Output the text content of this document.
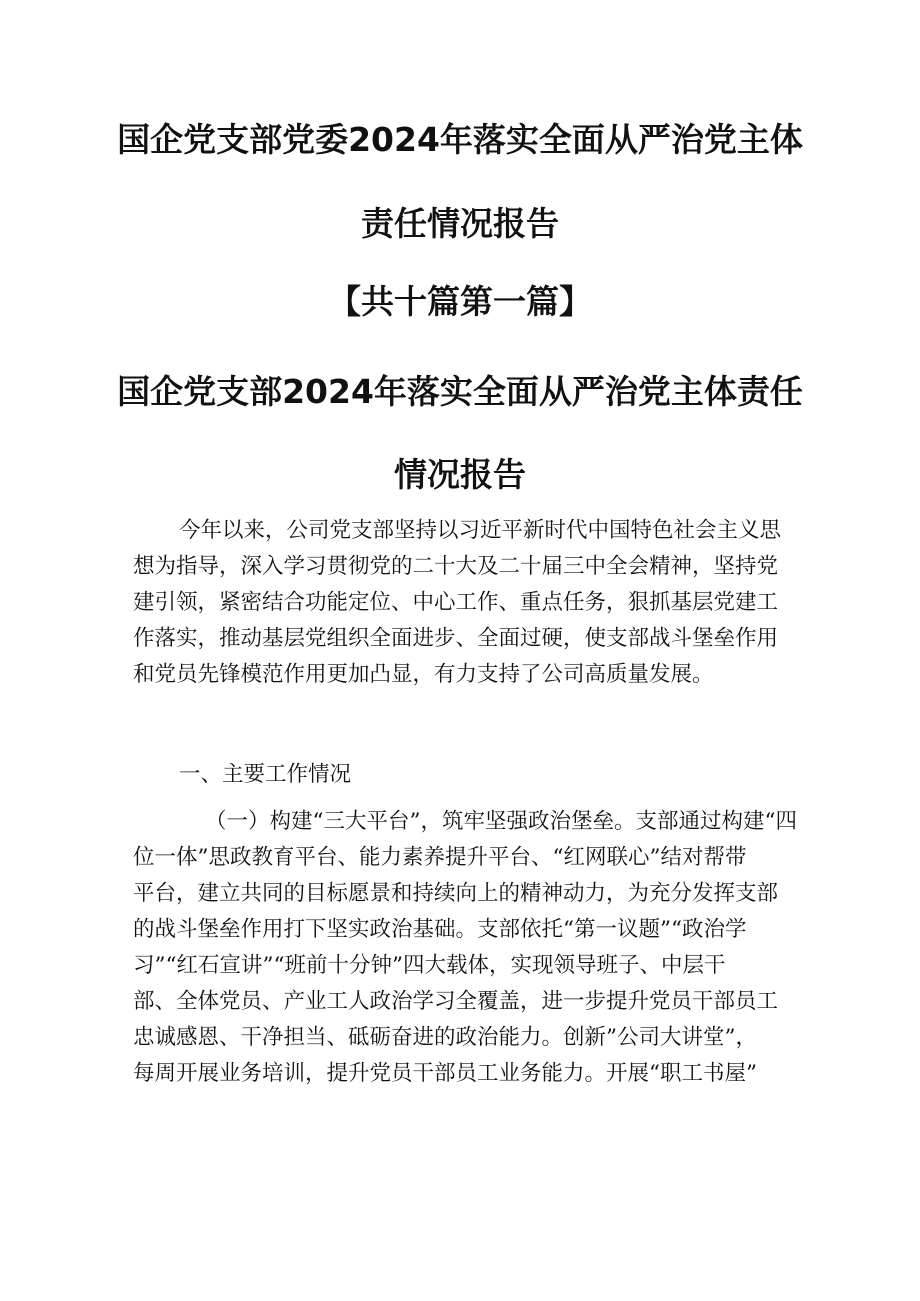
国企党支部党委2024年落实全面从严治党主体
责任情况报告
【共十篇第一篇】
国企党支部2024年落实全面从严治党主体责任
情况报告
今年以来，公司党支部坚持以习近平新时代中国特色社会主义思
想为指导，深入学习贯彻党的二十大及二十届三中全会精神，坚持党
建引领，紧密结合功能定位、中心工作、重点任务，狠抓基层党建工
作落实，推动基层党组织全面进步、全面过硬，使支部战斗堡垒作用
和党员先锋模范作用更加凸显，有力支持了公司高质量发展。
一、主要工作情况
（一）构建“三大平台”，筑牢坚强政治堡垒。支部通过构建“四
位一体”思政教育平台、能力素养提升平台、“红网联心”结对帮带
平台，建立共同的目标愿景和持续向上的精神动力，为充分发挥支部
的战斗堡垒作用打下坚实政治基础。支部依托“第一议题”“政治学
习”“红石宣讲”“班前十分钟”四大载体，实现领导班子、中层干
部、全体党员、产业工人政治学习全覆盖，进一步提升党员干部员工
忠诚感恩、干净担当、砥砺奋进的政治能力。创新”公司大讲堂”，
每周开展业务培训，提升党员干部员工业务能力。开展“职工书屋”
